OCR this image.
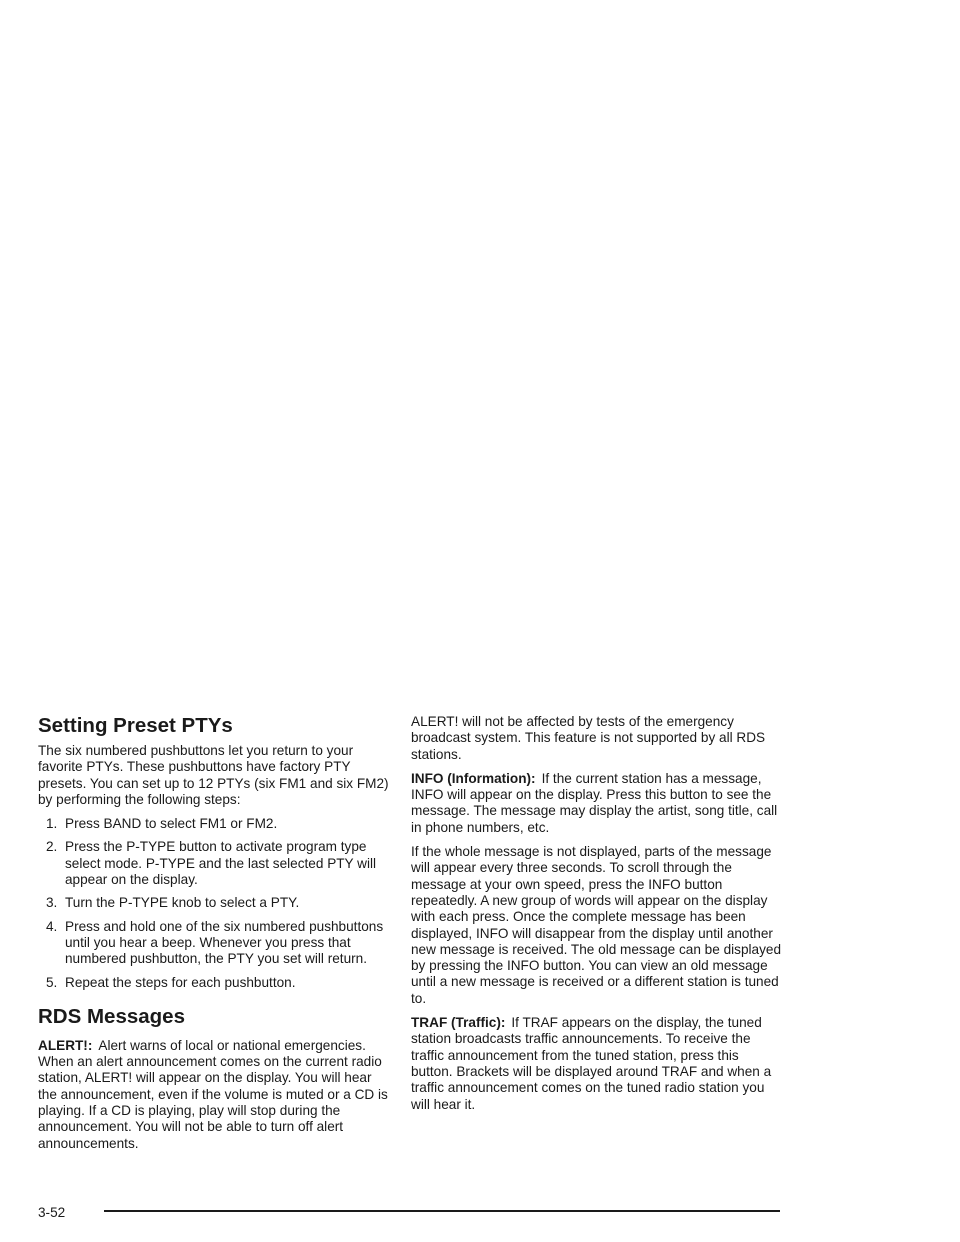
Setting Preset PTYs

The six numbered pushbuttons let you return to your favorite PTYs. These pushbuttons have factory PTY presets. You can set up to 12 PTYs (six FM1 and six FM2) by performing the following steps:

1. Press BAND to select FM1 or FM2.
2. Press the P-TYPE button to activate program type select mode. P-TYPE and the last selected PTY will appear on the display.
3. Turn the P-TYPE knob to select a PTY.
4. Press and hold one of the six numbered pushbuttons until you hear a beep. Whenever you press that numbered pushbutton, the PTY you set will return.
5. Repeat the steps for each pushbutton.
RDS Messages

ALERT!: Alert warns of local or national emergencies. When an alert announcement comes on the current radio station, ALERT! will appear on the display. You will hear the announcement, even if the volume is muted or a CD is playing. If a CD is playing, play will stop during the announcement. You will not be able to turn off alert announcements.

ALERT! will not be affected by tests of the emergency broadcast system. This feature is not supported by all RDS stations.

INFO (Information): If the current station has a message, INFO will appear on the display. Press this button to see the message. The message may display the artist, song title, call in phone numbers, etc.

If the whole message is not displayed, parts of the message will appear every three seconds. To scroll through the message at your own speed, press the INFO button repeatedly. A new group of words will appear on the display with each press. Once the complete message has been displayed, INFO will disappear from the display until another new message is received. The old message can be displayed by pressing the INFO button. You can view an old message until a new message is received or a different station is tuned to.

TRAF (Traffic): If TRAF appears on the display, the tuned station broadcasts traffic announcements. To receive the traffic announcement from the tuned station, press this button. Brackets will be displayed around TRAF and when a traffic announcement comes on the tuned radio station you will hear it.

3-52
